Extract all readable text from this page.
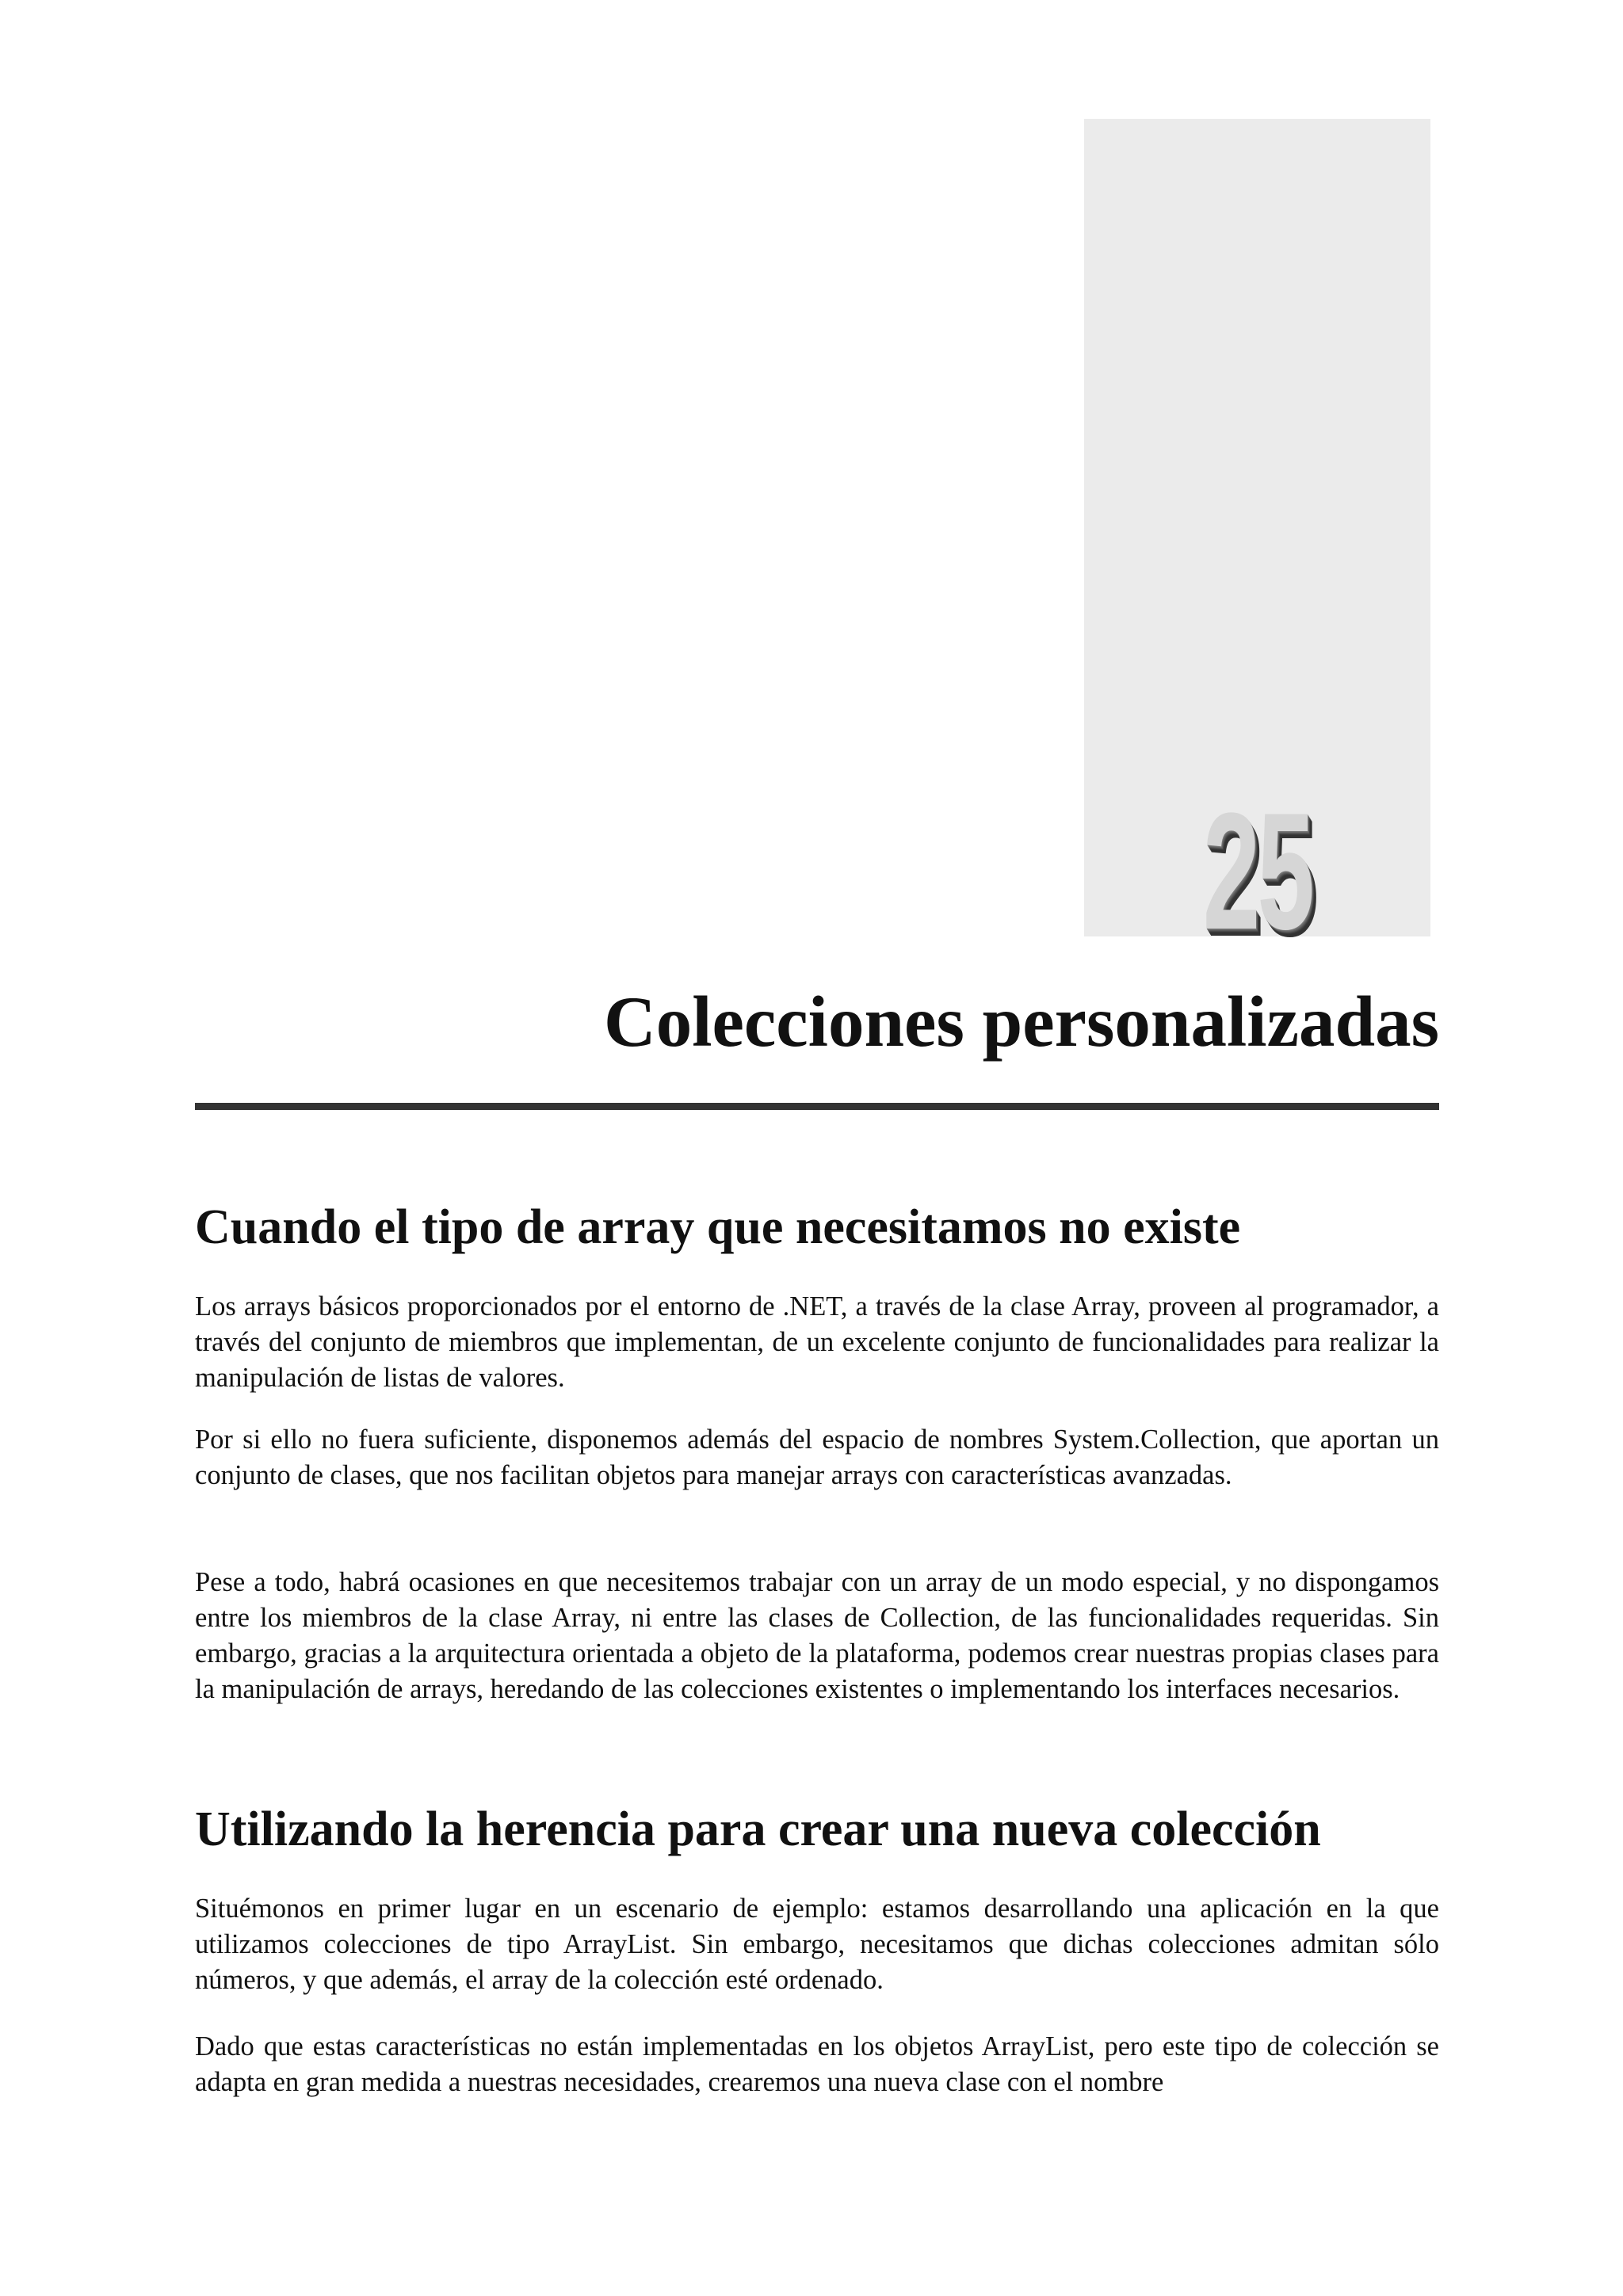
25
Colecciones personalizadas
Cuando el tipo de array que necesitamos no existe

Los arrays básicos proporcionados por el entorno de .NET, a través de la clase Array, proveen al programador, a través del conjunto de miembros que implementan, de un excelente conjunto de funcionalidades para realizar la manipulación de listas de valores.

Por si ello no fuera suficiente, disponemos además del espacio de nombres System.Collection, que aportan un conjunto de clases, que nos facilitan objetos para manejar arrays con características avanzadas.

Pese a todo, habrá ocasiones en que necesitemos trabajar con un array de un modo especial, y no dispongamos entre los miembros de la clase Array, ni entre las clases de Collection, de las funcionalidades requeridas. Sin embargo, gracias a la arquitectura orientada a objeto de la plataforma, podemos crear nuestras propias clases para la manipulación de arrays, heredando de las colecciones existentes o implementando los interfaces necesarios.

Utilizando la herencia para crear una nueva colección

Situémonos en primer lugar en un escenario de ejemplo: estamos desarrollando una aplicación en la que utilizamos colecciones de tipo ArrayList. Sin embargo, necesitamos que dichas colecciones admitan sólo números, y que además, el array de la colección esté ordenado.

Dado que estas características no están implementadas en los objetos ArrayList, pero este tipo de colección se adapta en gran medida a nuestras necesidades, crearemos una nueva clase con el nombre
